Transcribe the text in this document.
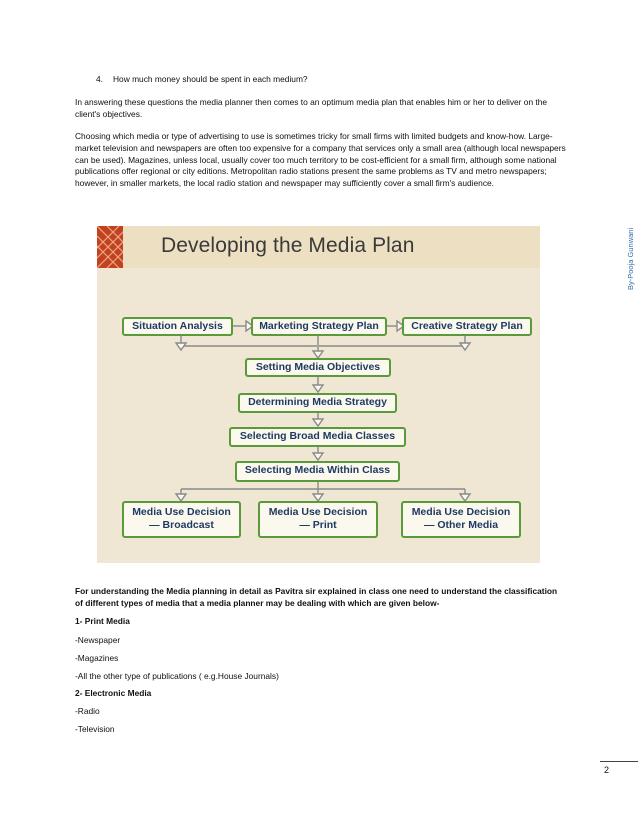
4. How much money should be spent in each medium?
In answering these questions the media planner then comes to an optimum media plan that enables him or her to deliver on the client's objectives.
Choosing which media or type of advertising to use is sometimes tricky for small firms with limited budgets and know-how. Large-market television and newspapers are often too expensive for a company that services only a small area (although local newspapers can be used). Magazines, unless local, usually cover too much territory to be cost-efficient for a small firm, although some national publications offer regional or city editions. Metropolitan radio stations present the same problems as TV and metro newspapers; however, in smaller markets, the local radio station and newspaper may sufficiently cover a small firm's audience.
By-Pooja Gunwani
Developing the Media Plan
Situation Analysis	Marketing Strategy Plan	Creative Strategy Plan
Setting Media Objectives
Determining Media Strategy
Selecting Broad Media Classes
Selecting Media Within Class
Media Use Decision
— Broadcast
Media Use Decision
— Print
Media Use Decision
— Other Media
For understanding the Media planning in detail as Pavitra sir explained in class one need to understand the classification of different types of media that a media planner may be dealing with which are given below-
1- Print Media
-Newspaper
-Magazines
-All the other type of publications ( e.g.House Journals)
2- Electronic Media
-Radio
-Television
2
